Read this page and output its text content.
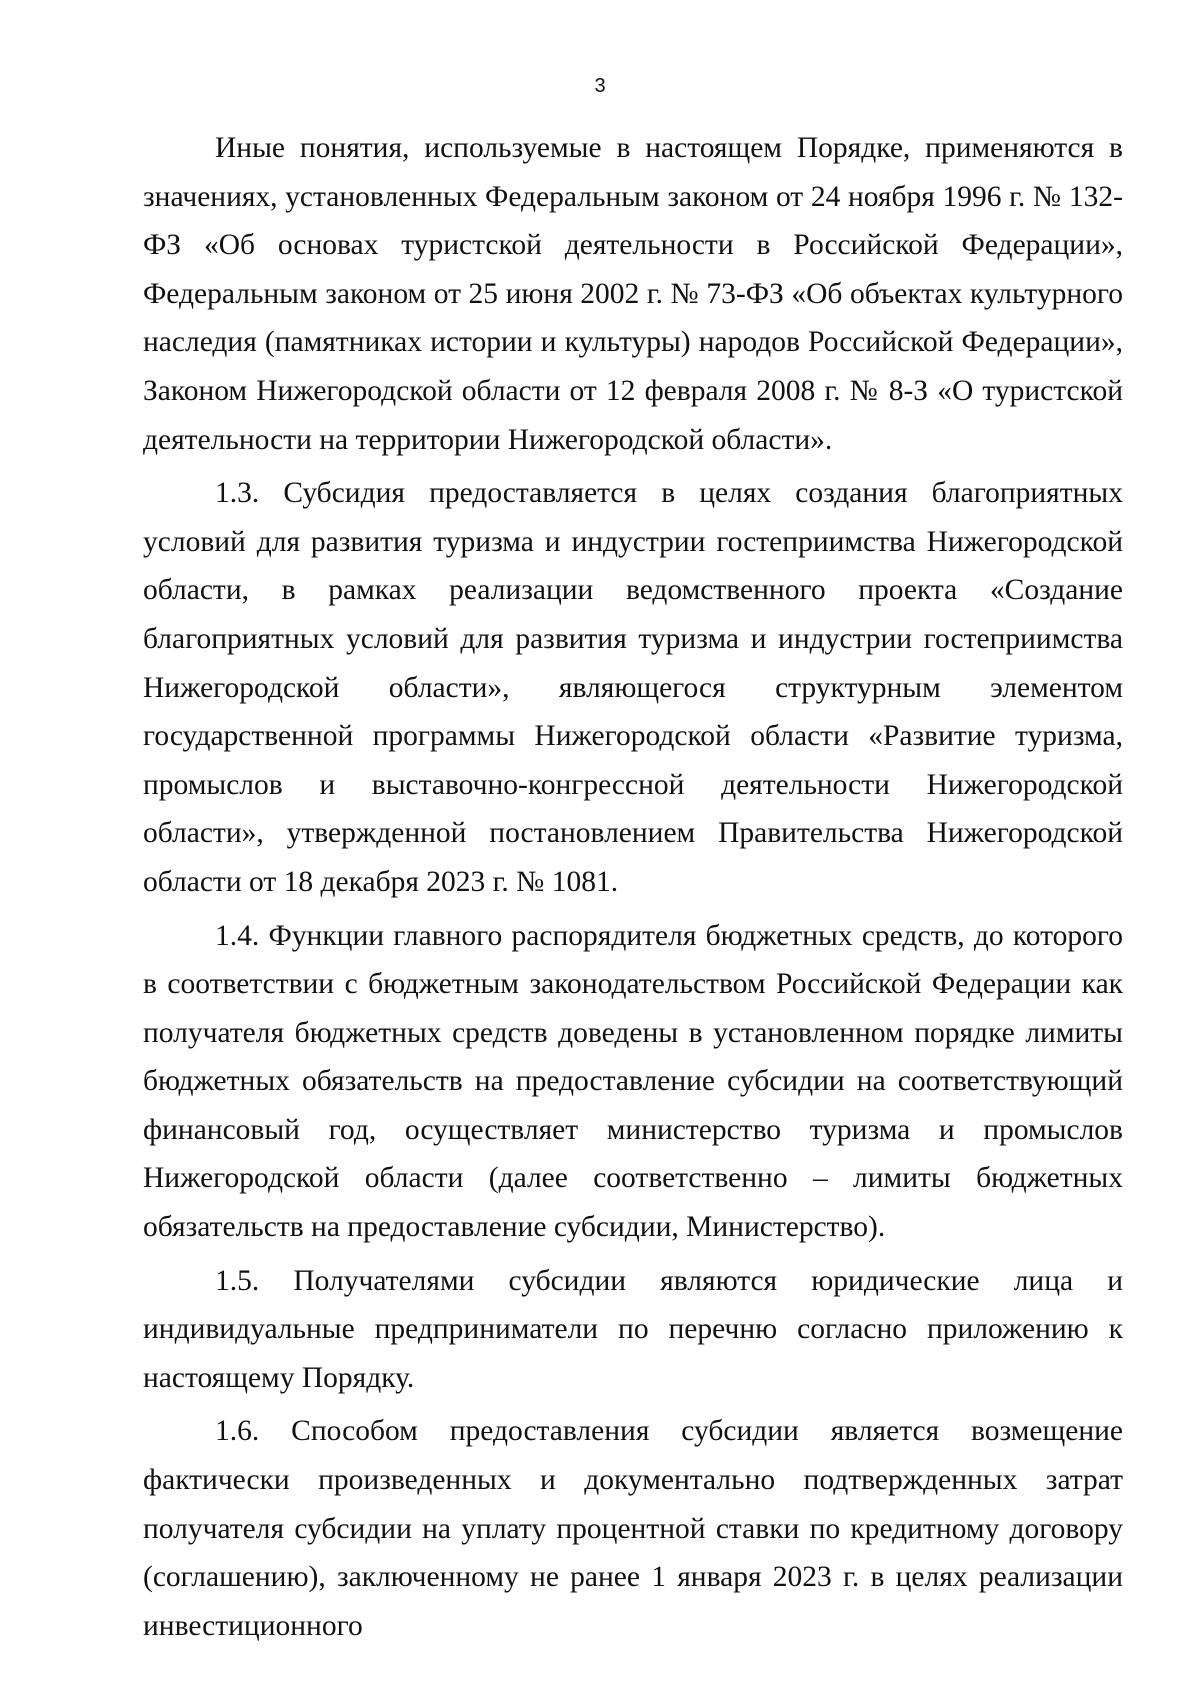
3

Иные понятия, используемые в настоящем Порядке, применяются в значениях, установленных Федеральным законом от 24 ноября 1996 г. № 132-ФЗ «Об основах туристской деятельности в Российской Федерации», Федеральным законом от 25 июня 2002 г. № 73-ФЗ «Об объектах культурного наследия (памятниках истории и культуры) народов Российской Федерации», Законом Нижегородской области от 12 февраля 2008 г. № 8-З «О туристской деятельности на территории Нижегородской области».

1.3. Субсидия предоставляется в целях создания благоприятных условий для развития туризма и индустрии гостеприимства Нижегородской области, в рамках реализации ведомственного проекта «Создание благоприятных условий для развития туризма и индустрии гостеприимства Нижегородской области», являющегося структурным элементом государственной программы Нижегородской области «Развитие туризма, промыслов и выставочно-конгрессной деятельности Нижегородской области», утвержденной постановлением Правительства Нижегородской области от 18 декабря 2023 г. № 1081.

1.4. Функции главного распорядителя бюджетных средств, до которого в соответствии с бюджетным законодательством Российской Федерации как получателя бюджетных средств доведены в установленном порядке лимиты бюджетных обязательств на предоставление субсидии на соответствующий финансовый год, осуществляет министерство туризма и промыслов Нижегородской области (далее соответственно – лимиты бюджетных обязательств на предоставление субсидии, Министерство).

1.5. Получателями субсидии являются юридические лица и индивидуальные предприниматели по перечню согласно приложению к настоящему Порядку.

1.6. Способом предоставления субсидии является возмещение фактически произведенных и документально подтвержденных затрат получателя субсидии на уплату процентной ставки по кредитному договору (соглашению), заключенному не ранее 1 января 2023 г. в целях реализации инвестиционного
